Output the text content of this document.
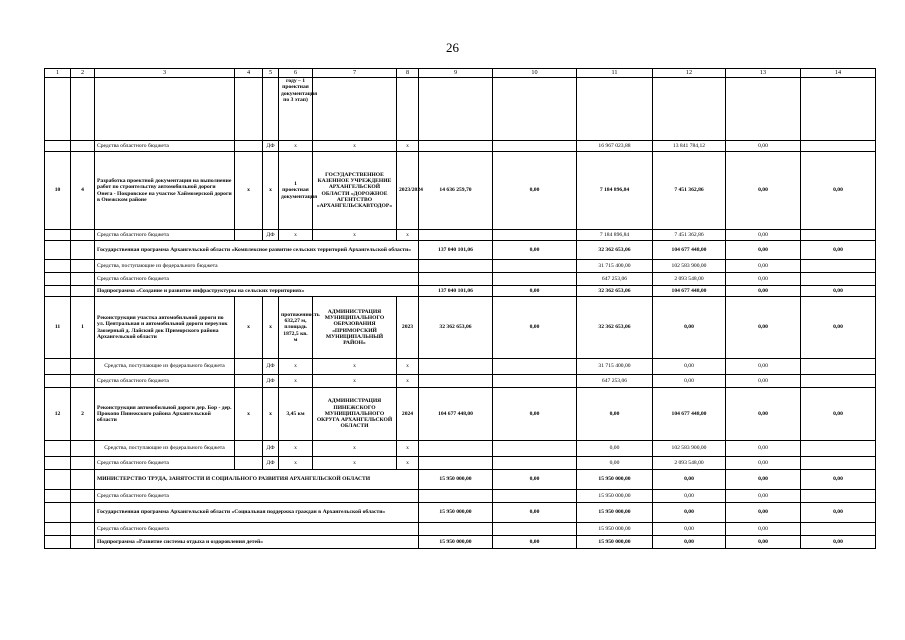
26
1	2	3	4	5	6	7	8	9	10	11	12	13	14
					году – 1 проектная документация по 3 этап)								
		Средства областного бюджета		ДФ	х	х	х			16 967 023,88	13 841 784,12	0,00	
10	4	Разработка проектной документации на выполнение работ по строительству автомобильной дороги Онега - Покровское на участке Хаймозерской дороги в Онежском районе	х	х	1 проектная документация	ГОСУДАРСТВЕННОЕ КАЗЕННОЕ УЧРЕЖДЕНИЕ АРХАНГЕЛЬСКОЙ ОБЛАСТИ «ДОРОЖНОЕ АГЕНТСТВО «АРХАНГЕЛЬСКАВТОДОР»	2023/2024	14 636 259,70	0,00	7 184 896,84	7 451 362,86	0,00	0,00
		Средства областного бюджета		ДФ	х	х	х			7 184 896,84	7 451 362,86	0,00	
		Государственная программа Архангельской области «Комплексное развитие сельских территорий Архангельской области»						137 040 101,06	0,00	32 362 653,06	104 677 448,00	0,00	0,00
		Средства, поступающие из федерального бюджета								31 715 400,00	102 583 900,00	0,00	
		Средства областного бюджета								647 253,06	2 093 548,00	0,00	
		Подпрограмма «Создание и развитие инфраструктуры на сельских территориях»						137 040 101,06	0,00	32 362 653,06	104 677 448,00	0,00	0,00
11	1	Реконструкция участка автомобильной дороги по ул. Центральная и автомобильной дороги переулок Заозерный д. Лайский док Приморского района Архангельской области	х	х	протяженность 632,27 м, площадь 1872,5 кв. м	АДМИНИСТРАЦИЯ МУНИЦИПАЛЬНОГО ОБРАЗОВАНИЯ «ПРИМОРСКИЙ МУНИЦИПАЛЬНЫЙ РАЙОН»	2023	32 362 653,06	0,00	32 362 653,06	0,00	0,00	0,00
		Средства, поступающие из федерального бюджета		ДФ	х	х	х			31 715 400,00	0,00	0,00	
		Средства областного бюджета		ДФ	х	х	х			647 253,06	0,00	0,00	
12	2	Реконструкция автомобильной дороги дер. Бор - дер. Прокопо Пинежского района Архангельской области	х	х	3,45 км	АДМИНИСТРАЦИЯ ПИНЕЖСКОГО МУНИЦИПАЛЬНОГО ОКРУГА АРХАНГЕЛЬСКОЙ ОБЛАСТИ	2024	104 677 448,00	0,00	0,00	104 677 448,00	0,00	0,00
		Средства, поступающие из федерального бюджета		ДФ	х	х	х			0,00	102 583 900,00	0,00	
		Средства областного бюджета		ДФ	х	х	х			0,00	2 093 548,00	0,00	
		МИНИСТЕРСТВО ТРУДА, ЗАНЯТОСТИ И СОЦИАЛЬНОГО РАЗВИТИЯ АРХАНГЕЛЬСКОЙ ОБЛАСТИ						15 950 000,00	0,00	15 950 000,00	0,00	0,00	0,00
		Средства областного бюджета								15 950 000,00	0,00	0,00	
		Государственная программа Архангельской области «Социальная поддержка граждан в Архангельской области»						15 950 000,00	0,00	15 950 000,00	0,00	0,00	0,00
		Средства областного бюджета								15 950 000,00	0,00	0,00	
		Подпрограмма «Развитие системы отдыха и оздоровления детей»						15 950 000,00	0,00	15 950 000,00	0,00	0,00	0,00
